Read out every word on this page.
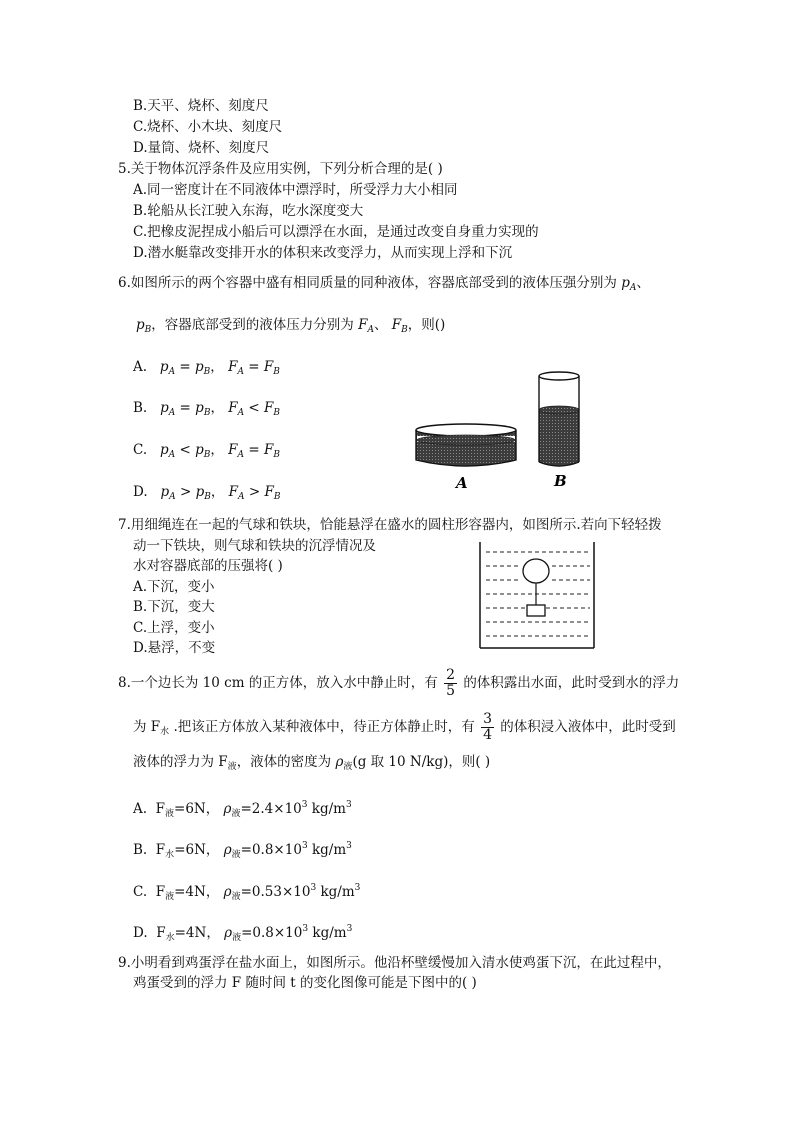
B.天平、烧杯、刻度尺
C.烧杯、小木块、刻度尺
D.量筒、烧杯、刻度尺
5.关于物体沉浮条件及应用实例，下列分析合理的是( )
A.同一密度计在不同液体中漂浮时，所受浮力大小相同
B.轮船从长江驶入东海，吃水深度变大
C.把橡皮泥捏成小船后可以漂浮在水面，是通过改变自身重力实现的
D.潜水艇靠改变排开水的体积来改变浮力，从而实现上浮和下沉
6.如图所示的两个容器中盛有相同质量的同种液体，容器底部受到的液体压强分别为 $p_A$、
$p_B$，容器底部受到的液体压力分别为 $F_A$、 $F_B$，则()
A. $p_A = p_B$， $F_A = F_B$
B. $p_A = p_B$， $F_A < F_B$
C. $p_A < p_B$， $F_A = F_B$
D. $p_A > p_B$， $F_A > F_B$
A	B
7.用细绳连在一起的气球和铁块，恰能悬浮在盛水的圆柱形容器内，如图所示.若向下轻轻拨
动一下铁块，则气球和铁块的沉浮情况及
水对容器底部的压强将( )
A.下沉，变小
B.下沉，变大
C.上浮，变小
D.悬浮，不变
8.一个边长为 10 cm 的正方体，放入水中静止时，有 $\frac{2}{5}$ 的体积露出水面，此时受到水的浮力
为 $F_水$ .把该正方体放入某种液体中，待正方体静止时，有 $\frac{3}{4}$ 的体积浸入液体中，此时受到
液体的浮力为 $F_液$，液体的密度为 $\rho_液(g$ 取 10 N/kg)，则( )
A.  $F_液=6N$， $\rho_液=2.4\times 10^3$ $kg/m^3$
B.  $F_水=6N$， $\rho_液=0.8\times 10^3$ $kg/m^3$
C.  $F_液=4N$， $\rho_液=0.53\times 10^3$ $kg/m^3$
D.  $F_水=4N$， $\rho_液=0.8\times 10^3$ $kg/m^3$
9.小明看到鸡蛋浮在盐水面上，如图所示。他沿杯壁缓慢加入清水使鸡蛋下沉，在此过程中，
鸡蛋受到的浮力 F 随时间 t 的变化图像可能是下图中的( )
